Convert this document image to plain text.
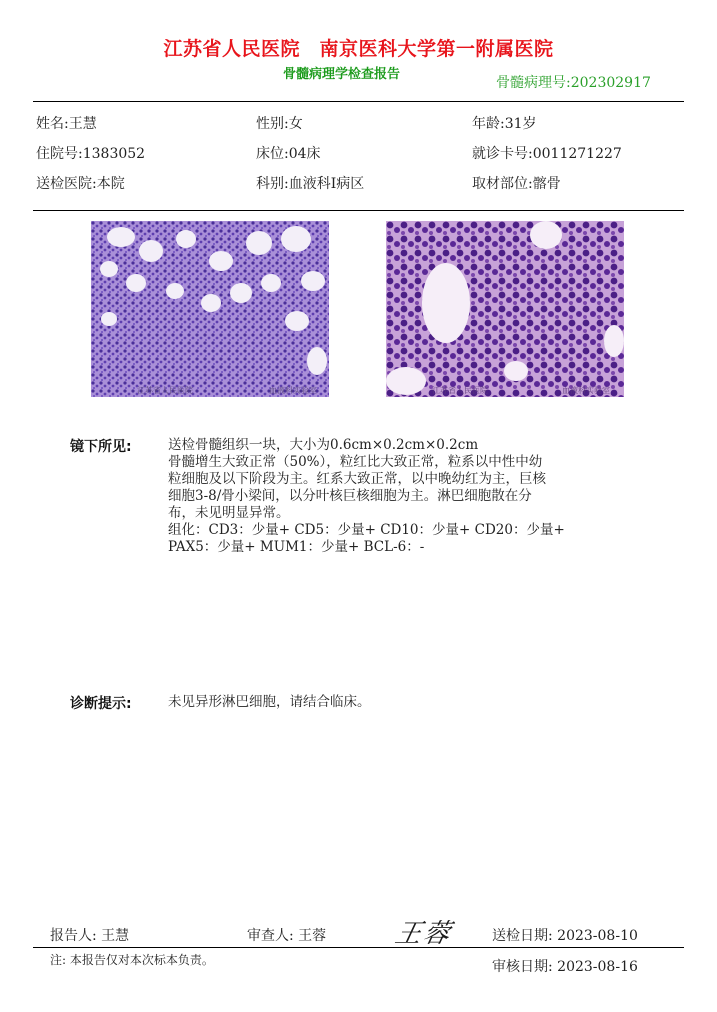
江苏省人民医院　南京医科大学第一附属医院
骨髓病理学检查报告
骨髓病理号:202302917
姓名:王慧	性别:女	年龄:31岁
住院号:1383052	床位:04床	就诊卡号:0011271227
送检医院:本院	科别:血液科I病区	取材部位:髂骨
江苏省人民医院	血液科实验室	江苏省人民医院	血液科实验室
镜下所见:	送检骨髓组织一块，大小为0.6cm×0.2cm×0.2cm
骨髓增生大致正常（50%），粒红比大致正常，粒系以中性中幼
粒细胞及以下阶段为主。红系大致正常，以中晚幼红为主，巨核
细胞3-8/骨小梁间，以分叶核巨核细胞为主。淋巴细胞散在分
布，未见明显异常。
组化：CD3：少量+ CD5：少量+ CD10：少量+ CD20：少量+
PAX5：少量+ MUM1：少量+ BCL-6：-
诊断提示:	未见异形淋巴细胞，请结合临床。
报告人: 王慧	审查人: 王蓉	王蓉	送检日期: 2023-08-10
注: 本报告仅对本次标本负责。	审核日期: 2023-08-16
